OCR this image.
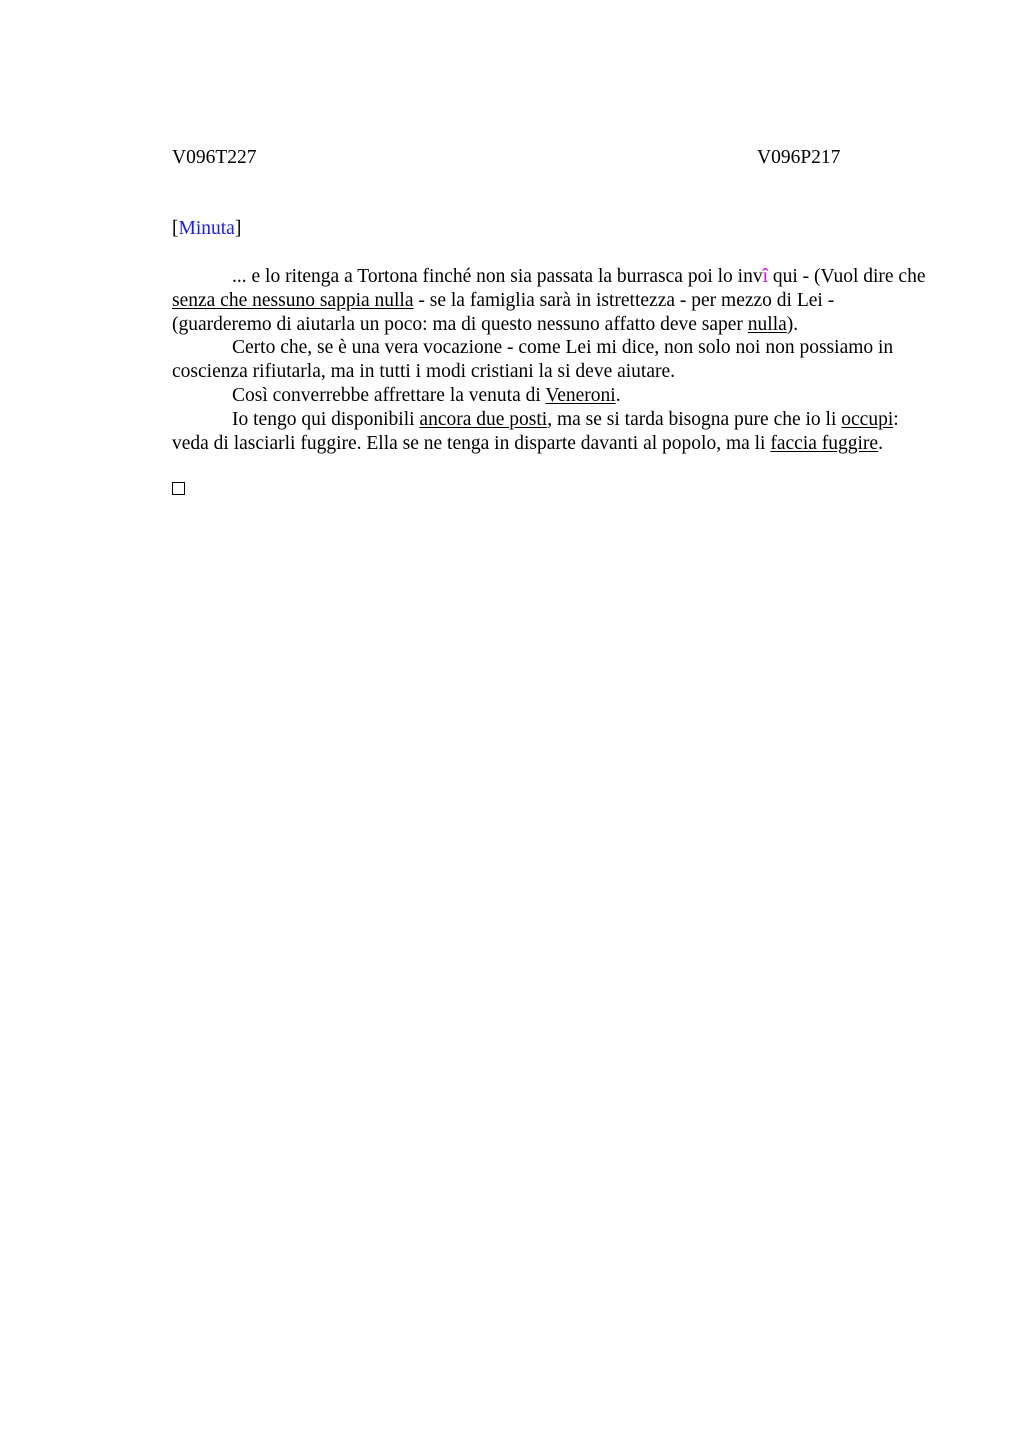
V096T227	V096P217
[Minuta]

... e lo ritenga a Tortona finché non sia passata la burrasca poi lo invî qui - (Vuol dire che senza che nessuno sappia nulla - se la famiglia sarà in istrettezza - per mezzo di Lei - (guarderemo di aiutarla un poco: ma di questo nessuno affatto deve saper nulla).

Certo che, se è una vera vocazione - come Lei mi dice, non solo noi non possiamo in coscienza rifiutarla, ma in tutti i modi cristiani la si deve aiutare.

Così converrebbe affrettare la venuta di Veneroni.

Io tengo qui disponibili ancora due posti, ma se si tarda bisogna pure che io li occupi: veda di lasciarli fuggire. Ella se ne tenga in disparte davanti al popolo, ma li faccia fuggire.
